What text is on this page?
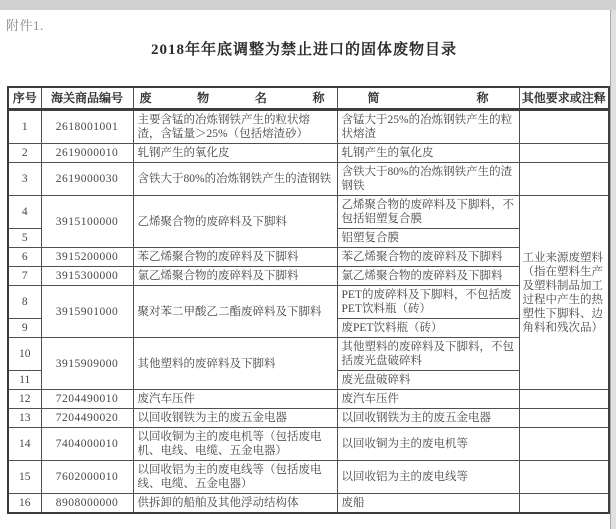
附件1.
2018年年底调整为禁止进口的固体废物目录
序号	海关商品编号	废 物 名 称	简 称	其他要求或注释
1	2618001001	主要含锰的冶炼钢铁产生的粒状熔渣，含锰量＞25%（包括熔渣砂）	含锰大于25%的冶炼钢铁产生的粒状熔渣	
2	2619000010	轧钢产生的氧化皮	轧钢产生的氧化皮	
3	2619000030	含铁大于80%的冶炼钢铁产生的渣钢铁	含铁大于80%的冶炼钢铁产生的渣钢铁	
4	3915100000	乙烯聚合物的废碎料及下脚料	乙烯聚合物的废碎料及下脚料，不包括铝塑复合膜	工业来源废塑料（指在塑料生产及塑料制品加工过程中产生的热塑性下脚料、边角料和残次品）
5			铝塑复合膜	
6	3915200000	苯乙烯聚合物的废碎料及下脚料	苯乙烯聚合物的废碎料及下脚料	
7	3915300000	氯乙烯聚合物的废碎料及下脚料	氯乙烯聚合物的废碎料及下脚料	
8	3915901000	聚对苯二甲酸乙二酯废碎料及下脚料	PET的废碎料及下脚料，不包括废PET饮料瓶（砖）	
9			废PET饮料瓶（砖）	
10	3915909000	其他塑料的废碎料及下脚料	其他塑料的废碎料及下脚料，不包括废光盘破碎料	
11			废光盘破碎料	
12	7204490010	废汽车压件	废汽车压件	
13	7204490020	以回收钢铁为主的废五金电器	以回收钢铁为主的废五金电器	
14	7404000010	以回收铜为主的废电机等（包括废电机、电线、电缆、五金电器）	以回收铜为主的废电机等	
15	7602000010	以回收铝为主的废电线等（包括废电线、电缆、五金电器）	以回收铝为主的废电线等	
16	8908000000	供拆卸的船舶及其他浮动结构体	废船	
